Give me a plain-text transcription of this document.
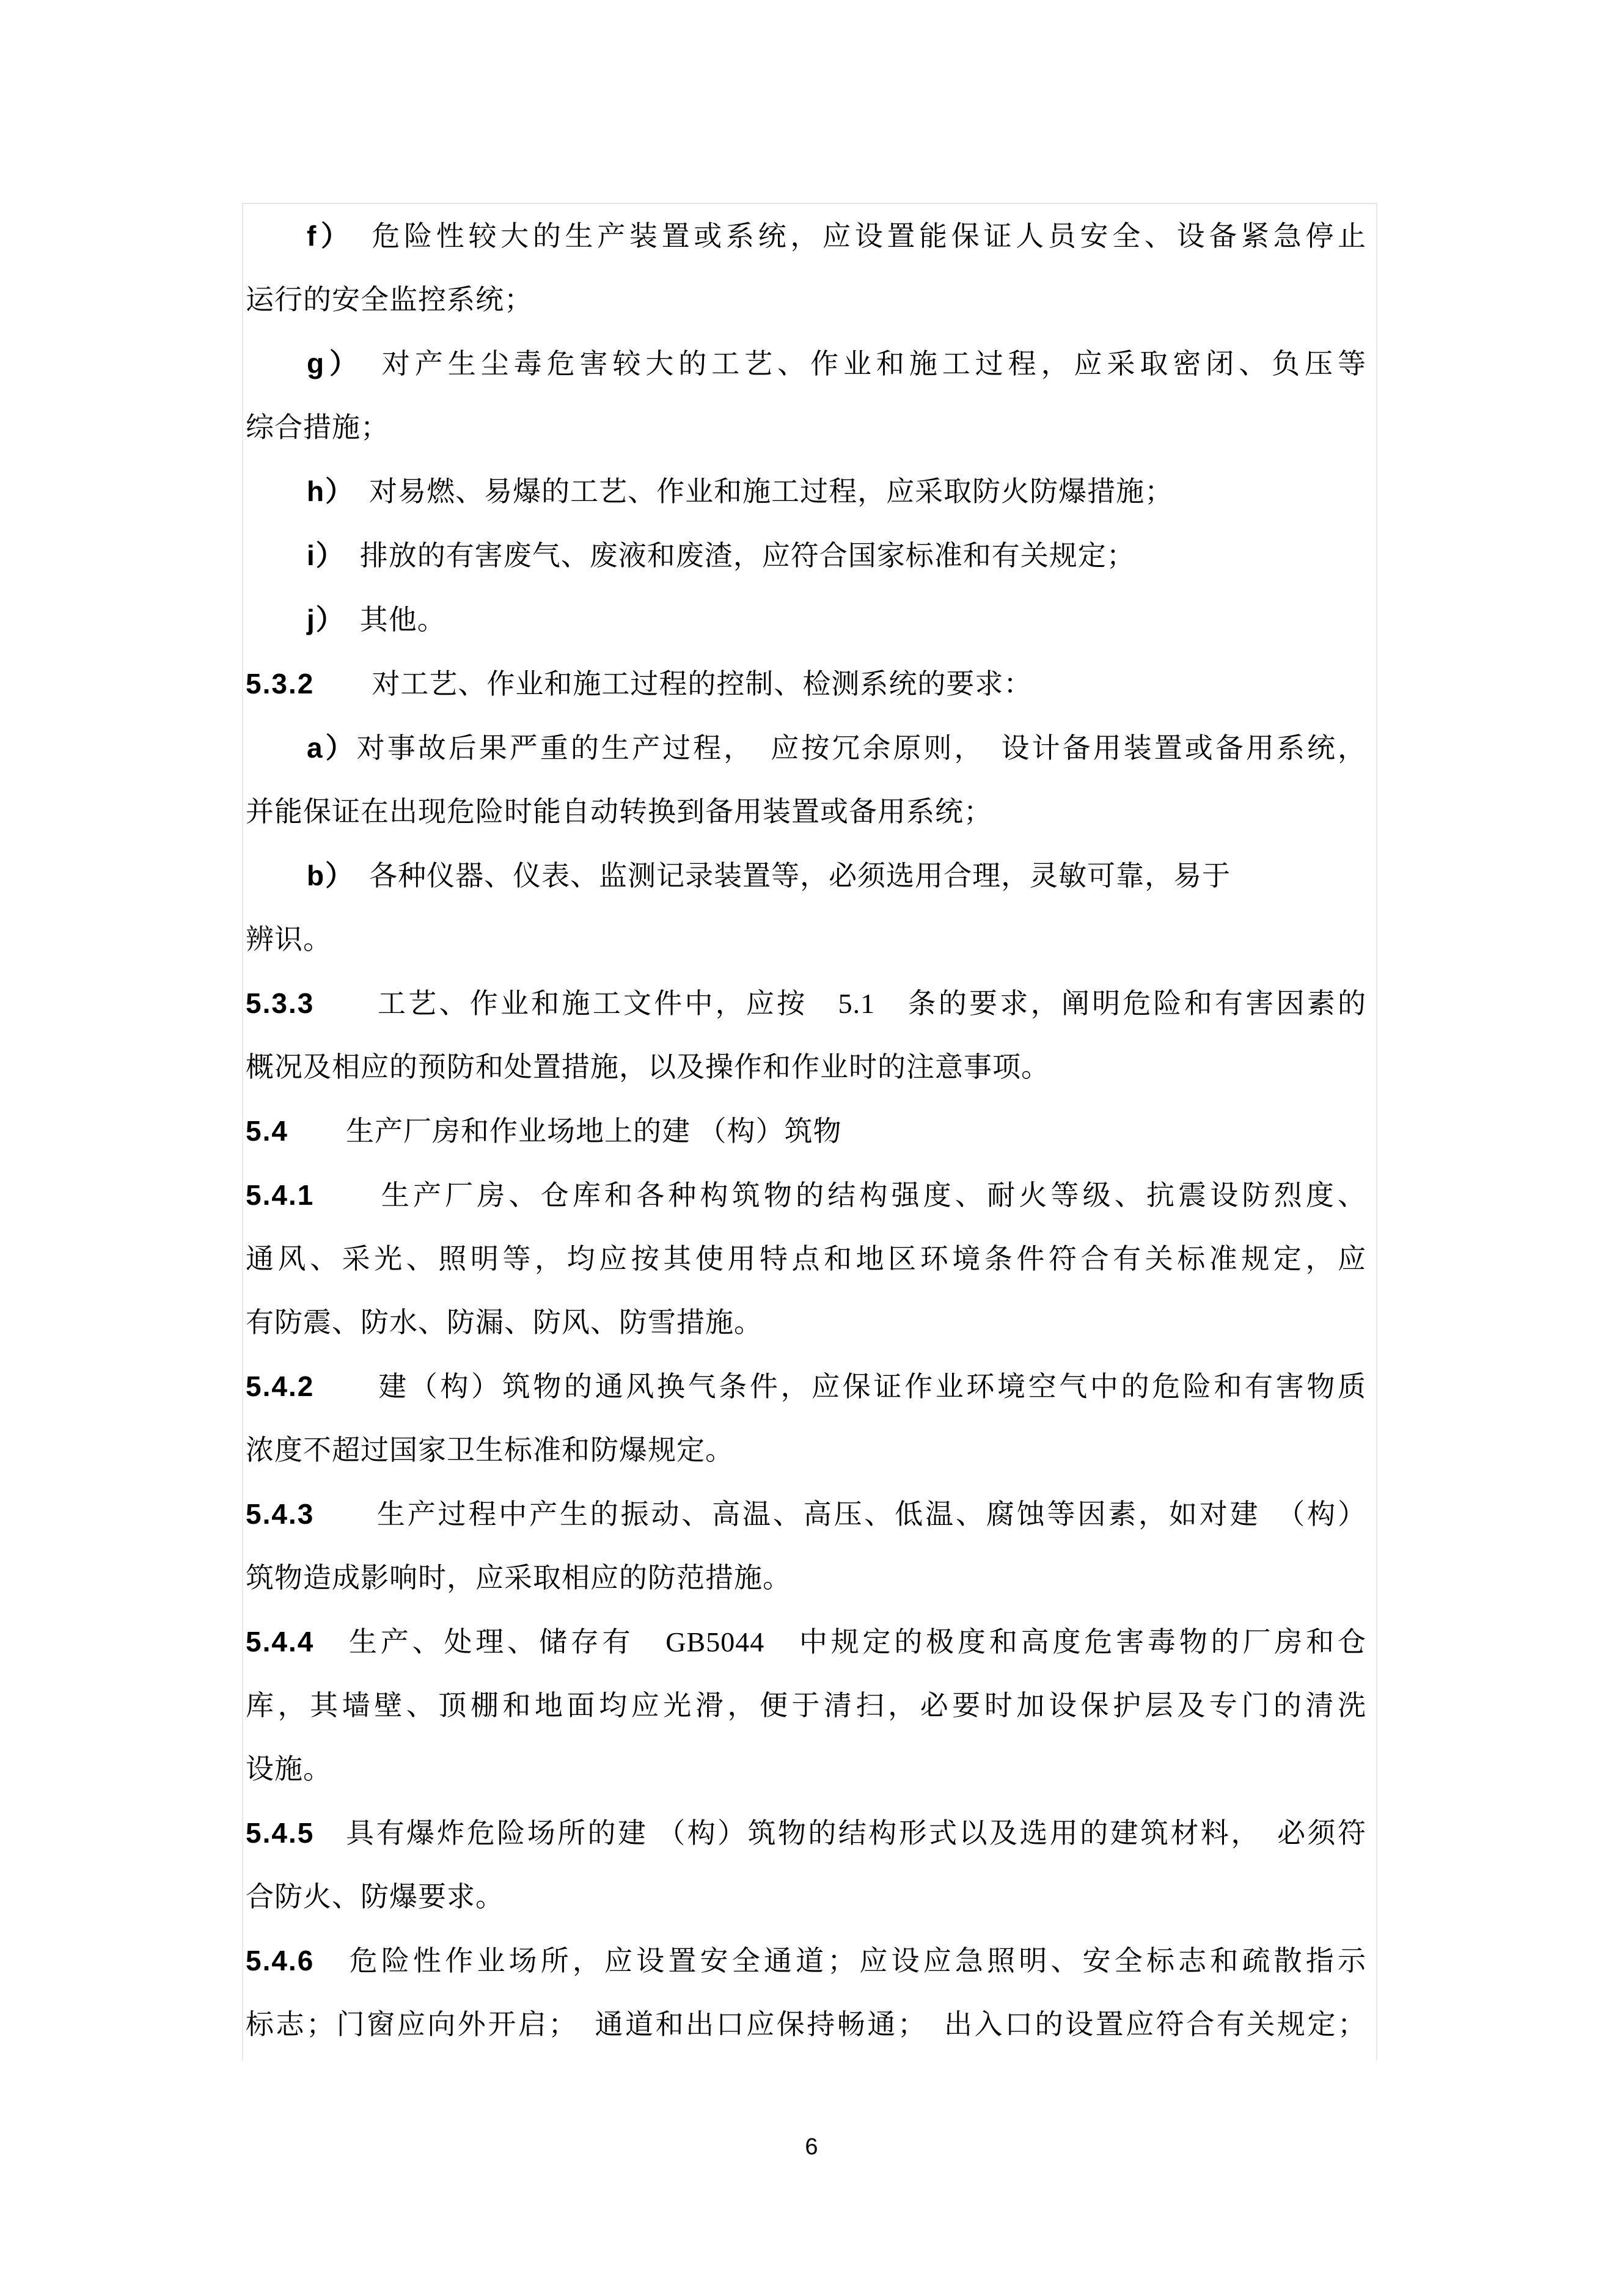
f）　危险性较大的生产装置或系统，应设置能保证人员安全、设备紧急停止
运行的安全监控系统；
g）　对产生尘毒危害较大的工艺、作业和施工过程，应采取密闭、负压等
综合措施；
h）　对易燃、易爆的工艺、作业和施工过程，应采取防火防爆措施；
i）　排放的有害废气、废液和废渣，应符合国家标准和有关规定；
j）　其他。
5.3.2　　对工艺、作业和施工过程的控制、检测系统的要求：
a）对事故后果严重的生产过程，　应按冗余原则，　设计备用装置或备用系统，
并能保证在出现危险时能自动转换到备用装置或备用系统；
b）　各种仪器、仪表、监测记录装置等，必须选用合理，灵敏可靠，易于
辨识。
5.3.3　　工艺、作业和施工文件中，应按　5.1　条的要求，阐明危险和有害因素的
概况及相应的预防和处置措施，以及操作和作业时的注意事项。
5.4　　生产厂房和作业场地上的建 （构）筑物
5.4.1　　生产厂房、仓库和各种构筑物的结构强度、耐火等级、抗震设防烈度、
通风、采光、照明等，均应按其使用特点和地区环境条件符合有关标准规定，应
有防震、防水、防漏、防风、防雪措施。
5.4.2　　建（构）筑物的通风换气条件，应保证作业环境空气中的危险和有害物质
浓度不超过国家卫生标准和防爆规定。
5.4.3　　生产过程中产生的振动、高温、高压、低温、腐蚀等因素，如对建　（构）
筑物造成影响时，应采取相应的防范措施。
5.4.4　生产、处理、储存有　GB5044　中规定的极度和高度危害毒物的厂房和仓
库，其墙壁、顶棚和地面均应光滑，便于清扫，必要时加设保护层及专门的清洗
设施。
5.4.5　具有爆炸危险场所的建 （构）筑物的结构形式以及选用的建筑材料，　必须符
合防火、防爆要求。
5.4.6　危险性作业场所，应设置安全通道；应设应急照明、安全标志和疏散指示
标志；门窗应向外开启；　通道和出口应保持畅通；　出入口的设置应符合有关规定；
6
